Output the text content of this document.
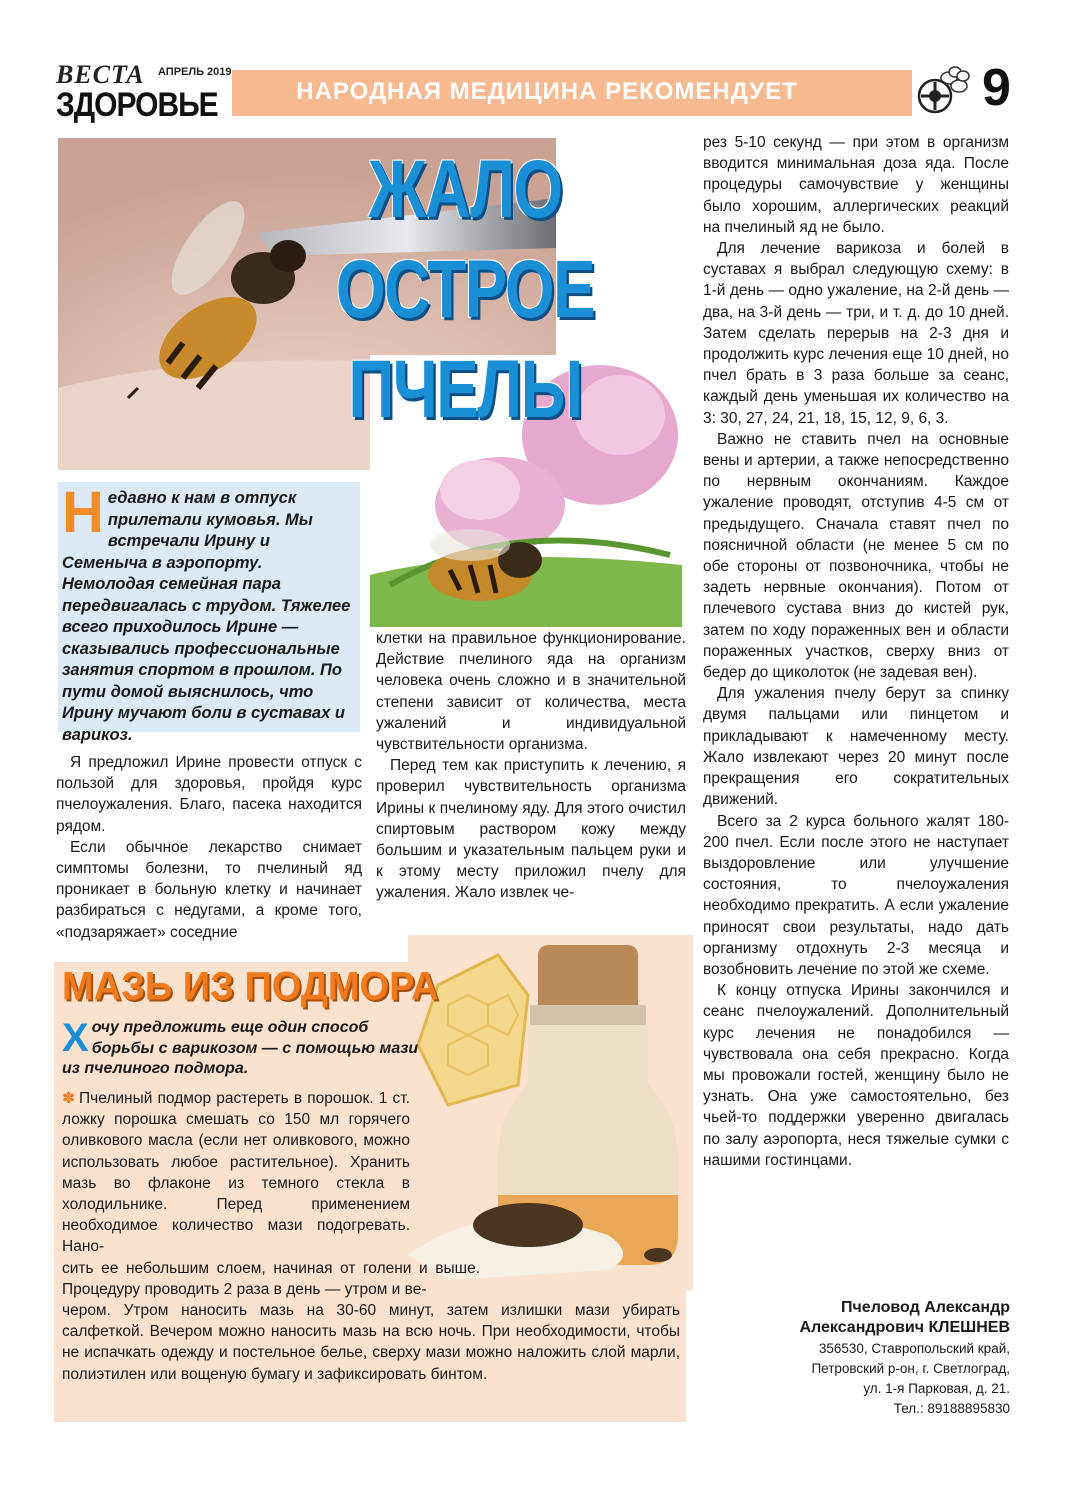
ВЕСТА АПРЕЛЬ 2019
ЗДОРОВЬЕ	НАРОДНАЯ МЕДИЦИНА РЕКОМЕНДУЕТ	9
ЖАЛО ОСТРОЕ
ПЧЕЛЫ
Недавно к нам в отпуск прилетали кумовья. Мы встречали Ирину и Семеныча в аэропорту. Немолодая семейная пара передвигалась с трудом. Тяжелее всего приходилось Ирине — сказывались профессиональные занятия спортом в прошлом. По пути домой выяснилось, что Ирину мучают боли в суставах и варикоз.

Я предложил Ирине провести отпуск с пользой для здоровья, пройдя курс пчелоужаления. Благо, пасека находится рядом.

Если обычное лекарство снимает симптомы болезни, то пчелиный яд проникает в больную клетку и начинает разбираться с недугами, а кроме того, «подзаряжает» соседние

клетки на правильное функционирование. Действие пчелиного яда на организм человека очень сложно и в значительной степени зависит от количества, места ужалений и индивидуальной чувствительности организма.

Перед тем как приступить к лечению, я проверил чувствительность организма Ирины к пчелиному яду. Для этого очистил спиртовым раствором кожу между большим и указательным пальцем руки и к этому месту приложил пчелу для ужаления. Жало извлек че-

рез 5-10 секунд — при этом в организм вводится минимальная доза яда. После процедуры самочувствие у женщины было хорошим, аллергических реакций на пчелиный яд не было.

Для лечение варикоза и болей в суставах я выбрал следующую схему: в 1-й день — одно ужаление, на 2-й день — два, на 3-й день — три, и т. д. до 10 дней. Затем сделать перерыв на 2-3 дня и продолжить курс лечения еще 10 дней, но пчел брать в 3 раза больше за сеанс, каждый день уменьшая их количество на 3: 30, 27, 24, 21, 18, 15, 12, 9, 6, 3.

Важно не ставить пчел на основные вены и артерии, а также непосредственно по нервным окончаниям. Каждое ужаление проводят, отступив 4-5 см от предыдущего. Сначала ставят пчел по поясничной области (не менее 5 см по обе стороны от позвоночника, чтобы не задеть нервные окончания). Потом от плечевого сустава вниз до кистей рук, затем по ходу пораженных вен и области пораженных участков, сверху вниз от бедер до щиколоток (не задевая вен).

Для ужаления пчелу берут за спинку двумя пальцами или пинцетом и прикладывают к намеченному месту. Жало извлекают через 20 минут после прекращения его сократительных движений.

Всего за 2 курса больного жалят 180-200 пчел. Если после этого не наступает выздоровление или улучшение состояния, то пчелоужаления необходимо прекратить. А если ужаление приносят свои результаты, надо дать организму отдохнуть 2-3 месяца и возобновить лечение по этой же схеме.

К концу отпуска Ирины закончился и сеанс пчелоужалений. Дополнительный курс лечения не понадобился — чувствовала она себя прекрасно. Когда мы провожали гостей, женщину было не узнать. Она уже самостоятельно, без чьей-то поддержки уверенно двигалась по залу аэропорта, неся тяжелые сумки с нашими гостинцами.

МАЗЬ ИЗ ПОДМОРА
Хочу предложить еще один способ борьбы с варикозом — с помощью мази из пчелиного подмора.
✽ Пчелиный подмор растереть в порошок. 1 ст. ложку порошка смешать со 150 мл горячего оливкового масла (если нет оливкового, можно использовать любое растительное). Хранить мазь во флаконе из темного стекла в холодильнике. Перед применением необходимое количество мази подогревать. Нано-
сить ее небольшим слоем, начиная от голени и выше. Процедуру проводить 2 раза в день — утром и ве-
чером. Утром наносить мазь на 30-60 минут, затем излишки мази убирать салфеткой. Вечером можно наносить мазь на всю ночь. При необходимости, чтобы не испачкать одежду и постельное белье, сверху мази можно наложить слой марли, полиэтилен или вощеную бумагу и зафиксировать бинтом.
Пчеловод Александр
Александрович КЛЕШНЕВ
356530, Ставропольский край,
Петровский р-он, г. Светлоград,
ул. 1-я Парковая, д. 21.
Тел.: 89188895830
